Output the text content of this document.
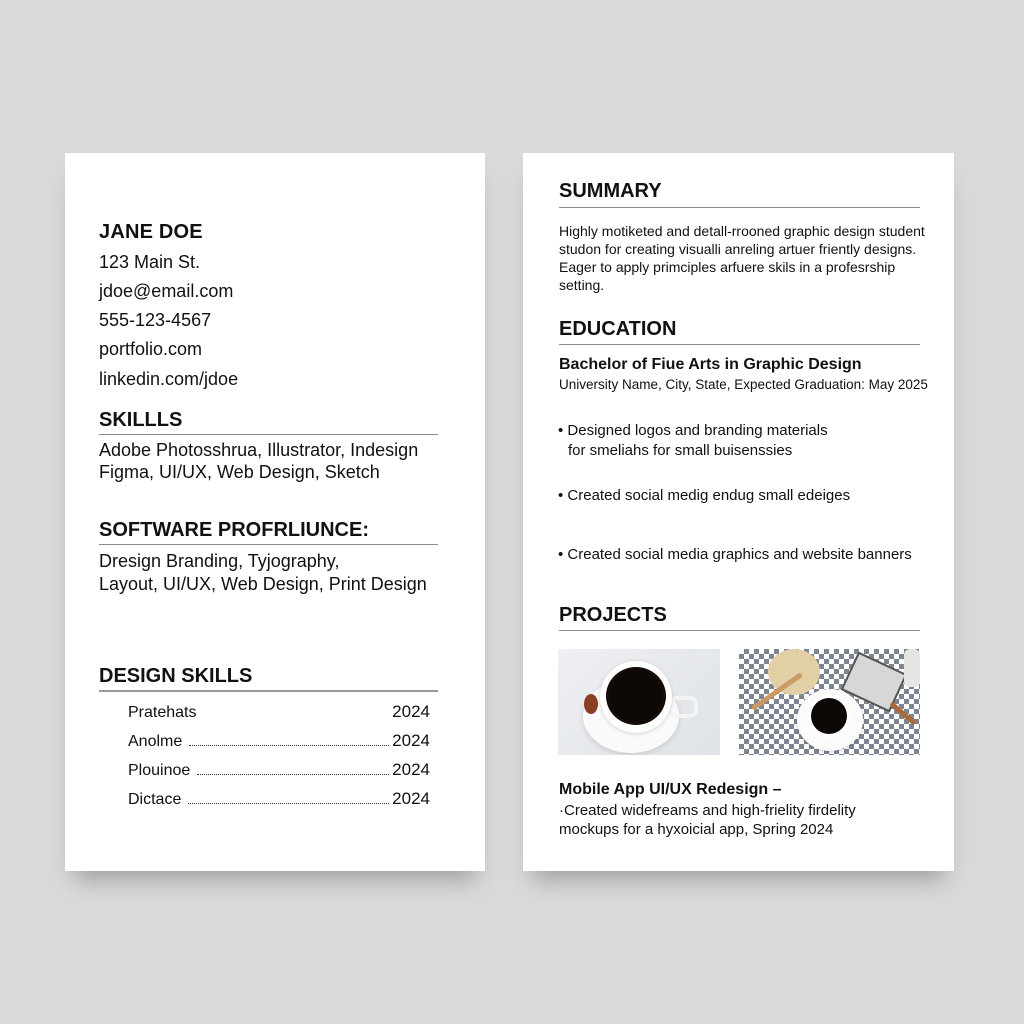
JANE DOE
123 Main St.
jdoe@email.com
555-123-4567
portfolio.com
linkedin.com/jdoe
SKILLLS
Adobe Photosshrua, Illustrator, Indesign
Figma, UI/UX, Web Design, Sketch
SOFTWARE PROFRLIUNCE:
Dresign Branding, Tyjography,
Layout, UI/UX, Web Design, Print Design
DESIGN SKILLS
Pratehats	2024
Anolme	2024
Plouinoe	2024
Dictace	2024
SUMMARY
Highly motiketed and detall-rrooned graphic design student
studon for creating visualli anreling artuer friently designs.
Eager to apply primciples arfuere skils in a profesrship
setting.
EDUCATION
Bachelor of Fiue Arts in Graphic Design
University Name, City, State, Expected Graduation: May 2025
• Designed logos and branding materials
for smeliahs for small buisenssies
• Created social medig endug small edeiges
• Created social media graphics and website banners
PROJECTS
Mobile App UI/UX Redesign –
·Created widefreams and high-frielity firdelity
mockups for a hyxoicial app, Spring 2024
